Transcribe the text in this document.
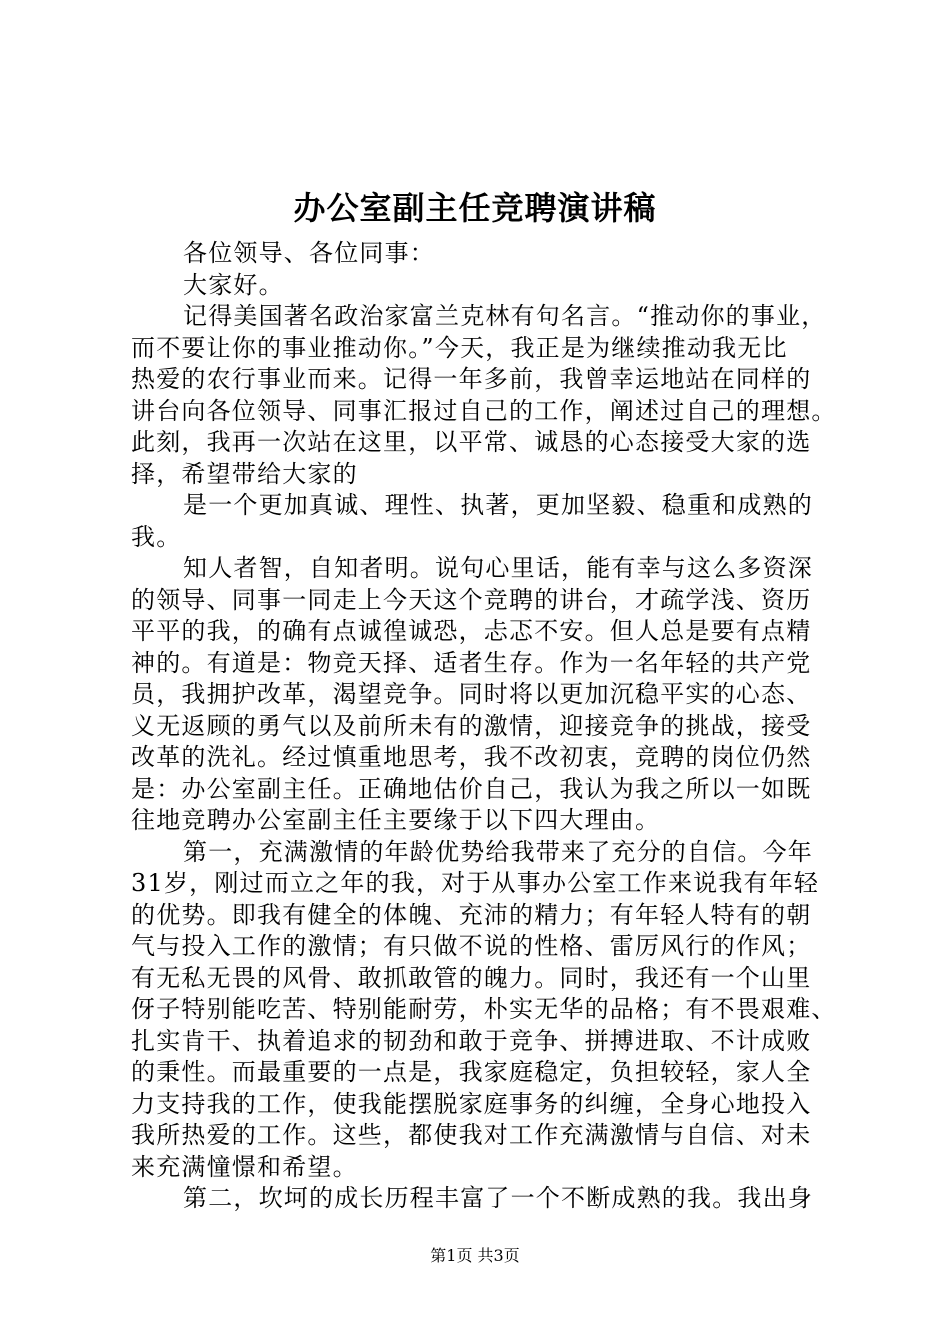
办公室副主任竞聘演讲稿
各位领导、各位同事：
大家好。
记得美国著名政治家富兰克林有句名言。“推动你的事业，
而不要让你的事业推动你。”今天，我正是为继续推动我无比
热爱的农行事业而来。记得一年多前，我曾幸运地站在同样的
讲台向各位领导、同事汇报过自己的工作，阐述过自己的理想。
此刻，我再一次站在这里，以平常、诚恳的心态接受大家的选
择，希望带给大家的
是一个更加真诚、理性、执著，更加坚毅、稳重和成熟的
我。
知人者智，自知者明。说句心里话，能有幸与这么多资深
的领导、同事一同走上今天这个竞聘的讲台，才疏学浅、资历
平平的我，的确有点诚徨诚恐，忐忑不安。但人总是要有点精
神的。有道是：物竞天择、适者生存。作为一名年轻的共产党
员，我拥护改革，渴望竞争。同时将以更加沉稳平实的心态、
义无返顾的勇气以及前所未有的激情，迎接竞争的挑战，接受
改革的洗礼。经过慎重地思考，我不改初衷，竞聘的岗位仍然
是：办公室副主任。正确地估价自己，我认为我之所以一如既
往地竞聘办公室副主任主要缘于以下四大理由。
第一，充满激情的年龄优势给我带来了充分的自信。今年
31岁，刚过而立之年的我，对于从事办公室工作来说我有年轻
的优势。即我有健全的体魄、充沛的精力；有年轻人特有的朝
气与投入工作的激情；有只做不说的性格、雷厉风行的作风；
有无私无畏的风骨、敢抓敢管的魄力。同时，我还有一个山里
伢子特别能吃苦、特别能耐劳，朴实无华的品格；有不畏艰难、
扎实肯干、执着追求的韧劲和敢于竞争、拼搏进取、不计成败
的秉性。而最重要的一点是，我家庭稳定，负担较轻，家人全
力支持我的工作，使我能摆脱家庭事务的纠缠，全身心地投入
我所热爱的工作。这些，都使我对工作充满激情与自信、对未
来充满憧憬和希望。
第二，坎坷的成长历程丰富了一个不断成熟的我。我出身
第1页 共3页
